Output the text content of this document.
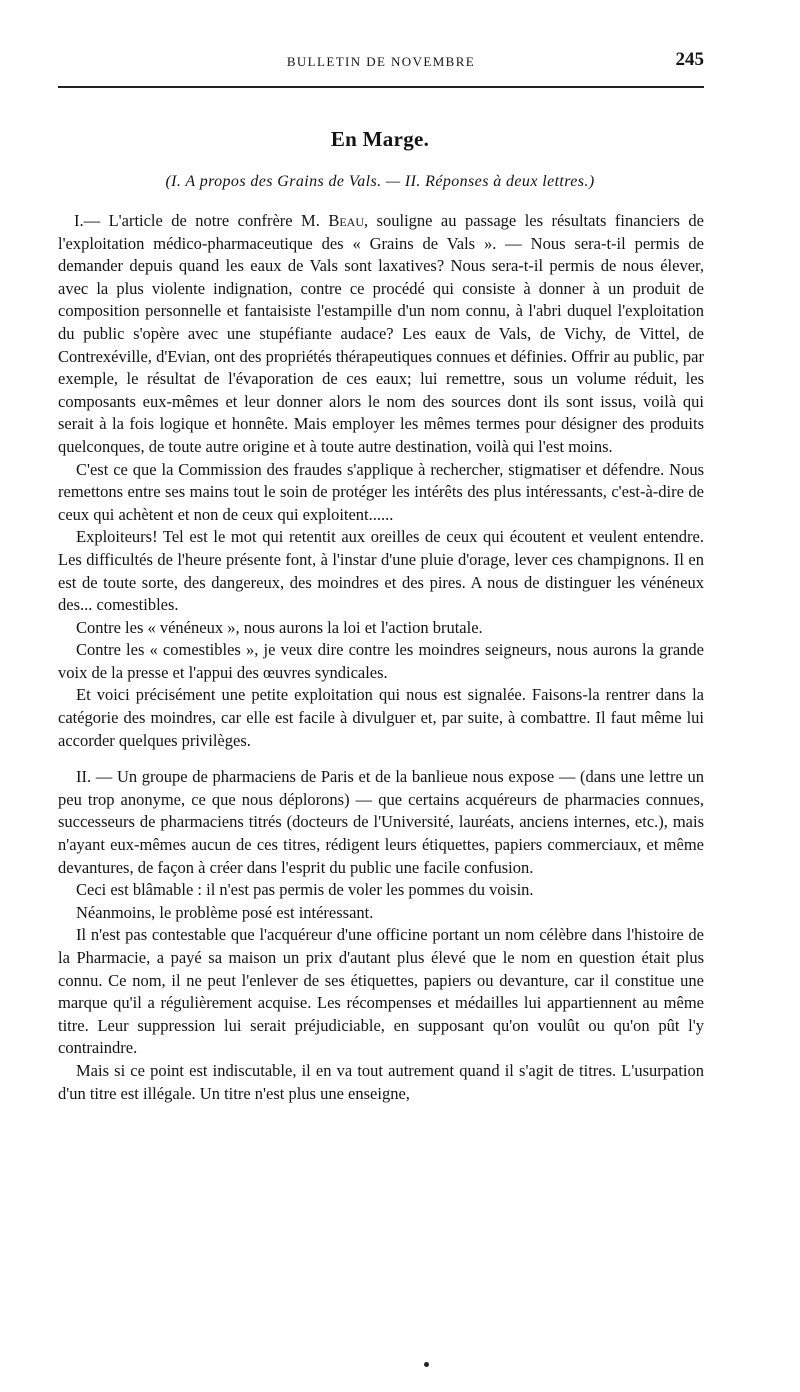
BULLETIN DE NOVEMBRE	245
En Marge.
(I. A propos des Grains de Vals. — II. Réponses à deux lettres.)

I.— L'article de notre confrère M. Beau, souligne au passage les résultats financiers de l'exploitation médico-pharmaceutique des « Grains de Vals ». — Nous sera-t-il permis de demander depuis quand les eaux de Vals sont laxatives? Nous sera-t-il permis de nous élever, avec la plus violente indignation, contre ce procédé qui consiste à donner à un produit de composition personnelle et fantaisiste l'estampille d'un nom connu, à l'abri duquel l'exploitation du public s'opère avec une stupéfiante audace? Les eaux de Vals, de Vichy, de Vittel, de Contrexéville, d'Evian, ont des propriétés thérapeutiques connues et définies. Offrir au public, par exemple, le résultat de l'évaporation de ces eaux; lui remettre, sous un volume réduit, les composants eux-mêmes et leur donner alors le nom des sources dont ils sont issus, voilà qui serait à la fois logique et honnête. Mais employer les mêmes termes pour désigner des produits quelconques, de toute autre origine et à toute autre destination, voilà qui l'est moins.

C'est ce que la Commission des fraudes s'applique à rechercher, stigmatiser et défendre. Nous remettons entre ses mains tout le soin de protéger les intérêts des plus intéressants, c'est-à-dire de ceux qui achètent et non de ceux qui exploitent......

Exploiteurs! Tel est le mot qui retentit aux oreilles de ceux qui écoutent et veulent entendre. Les difficultés de l'heure présente font, à l'instar d'une pluie d'orage, lever ces champignons. Il en est de toute sorte, des dangereux, des moindres et des pires. A nous de distinguer les vénéneux des... comestibles.

Contre les « vénéneux », nous aurons la loi et l'action brutale.

Contre les « comestibles », je veux dire contre les moindres seigneurs, nous aurons la grande voix de la presse et l'appui des œuvres syndicales.

Et voici précisément une petite exploitation qui nous est signalée. Faisons-la rentrer dans la catégorie des moindres, car elle est facile à divulguer et, par suite, à combattre. Il faut même lui accorder quelques privilèges.

II. — Un groupe de pharmaciens de Paris et de la banlieue nous expose — (dans une lettre un peu trop anonyme, ce que nous déplorons) — que certains acquéreurs de pharmacies connues, successeurs de pharmaciens titrés (docteurs de l'Université, lauréats, anciens internes, etc.), mais n'ayant eux-mêmes aucun de ces titres, rédigent leurs étiquettes, papiers commerciaux, et même devantures, de façon à créer dans l'esprit du public une facile confusion.

Ceci est blâmable : il n'est pas permis de voler les pommes du voisin.

Néanmoins, le problème posé est intéressant.

Il n'est pas contestable que l'acquéreur d'une officine portant un nom célèbre dans l'histoire de la Pharmacie, a payé sa maison un prix d'autant plus élevé que le nom en question était plus connu. Ce nom, il ne peut l'enlever de ses étiquettes, papiers ou devanture, car il constitue une marque qu'il a régulièrement acquise. Les récompenses et médailles lui appartiennent au même titre. Leur suppression lui serait préjudiciable, en supposant qu'on voulût ou qu'on pût l'y contraindre.

Mais si ce point est indiscutable, il en va tout autrement quand il s'agit de titres. L'usurpation d'un titre est illégale. Un titre n'est plus une enseigne,
